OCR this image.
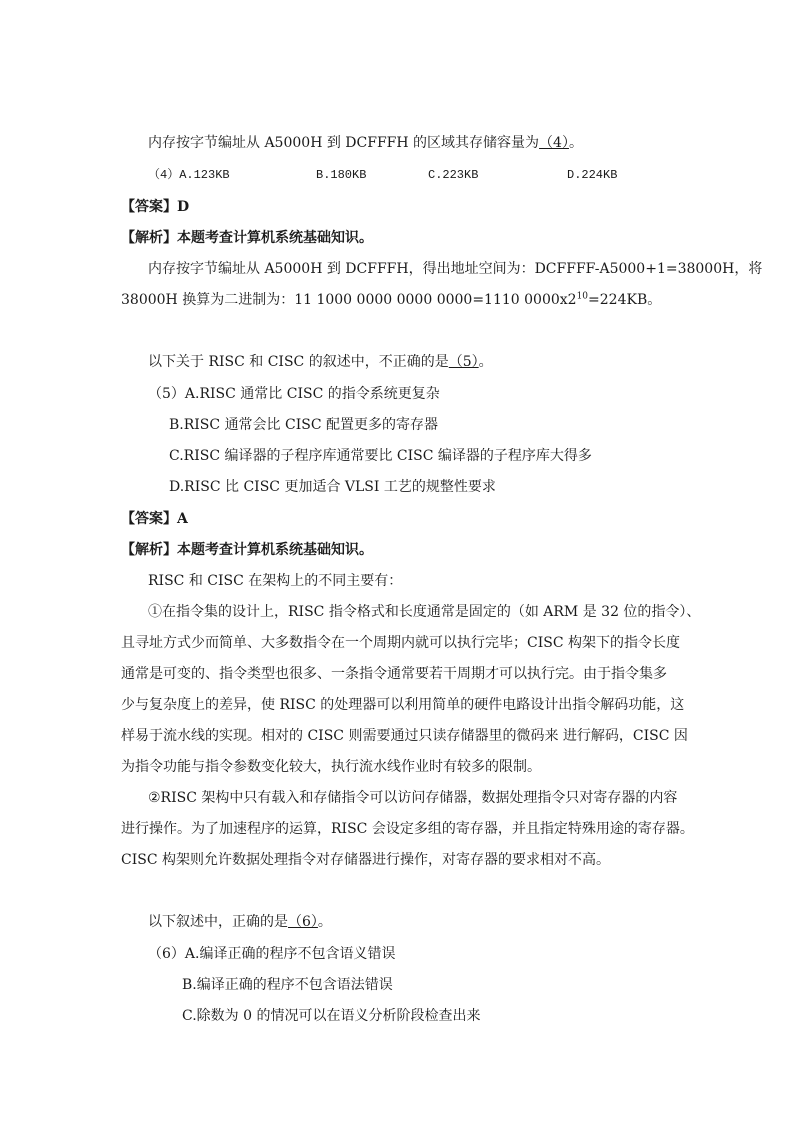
内存按字节编址从 A5000H 到 DCFFFH 的区域其存储容量为（4）。
（4）A.123KB	B.180KB	C.223KB	D.224KB
【答案】D
【解析】本题考查计算机系统基础知识。
内存按字节编址从 A5000H 到 DCFFFH，得出地址空间为：DCFFFF-A5000+1=38000H，将
38000H 换算为二进制为：11 1000 0000 0000 0000=1110 $0000x2^{10}=224KB$。
以下关于 RISC 和 CISC 的叙述中，不正确的是（5）。
（5）A.RISC 通常比 CISC 的指令系统更复杂
B.RISC 通常会比 CISC 配置更多的寄存器
C.RISC 编译器的子程序库通常要比 CISC 编译器的子程序库大得多
D.RISC 比 CISC 更加适合 VLSI 工艺的规整性要求
【答案】A
【解析】本题考查计算机系统基础知识。
RISC 和 CISC 在架构上的不同主要有：
①在指令集的设计上，RISC 指令格式和长度通常是固定的（如 ARM 是 32 位的指令）、
且寻址方式少而简单、大多数指令在一个周期内就可以执行完毕；CISC 构架下的指令长度
通常是可变的、指令类型也很多、一条指令通常要若干周期才可以执行完。由于指令集多
少与复杂度上的差异，使 RISC 的处理器可以利用简单的硬件电路设计出指令解码功能，这
样易于流水线的实现。相对的 CISC 则需要通过只读存储器里的微码来 进行解码，CISC 因
为指令功能与指令参数变化较大，执行流水线作业时有较多的限制。
②RISC 架构中只有载入和存储指令可以访问存储器，数据处理指令只对寄存器的内容
进行操作。为了加速程序的运算，RISC 会设定多组的寄存器，并且指定特殊用途的寄存器。
CISC 构架则允许数据处理指令对存储器进行操作，对寄存器的要求相对不高。
以下叙述中，正确的是（6）。
（6）A.编译正确的程序不包含语义错误
B.编译正确的程序不包含语法错误
C.除数为 0 的情况可以在语义分析阶段检查出来
